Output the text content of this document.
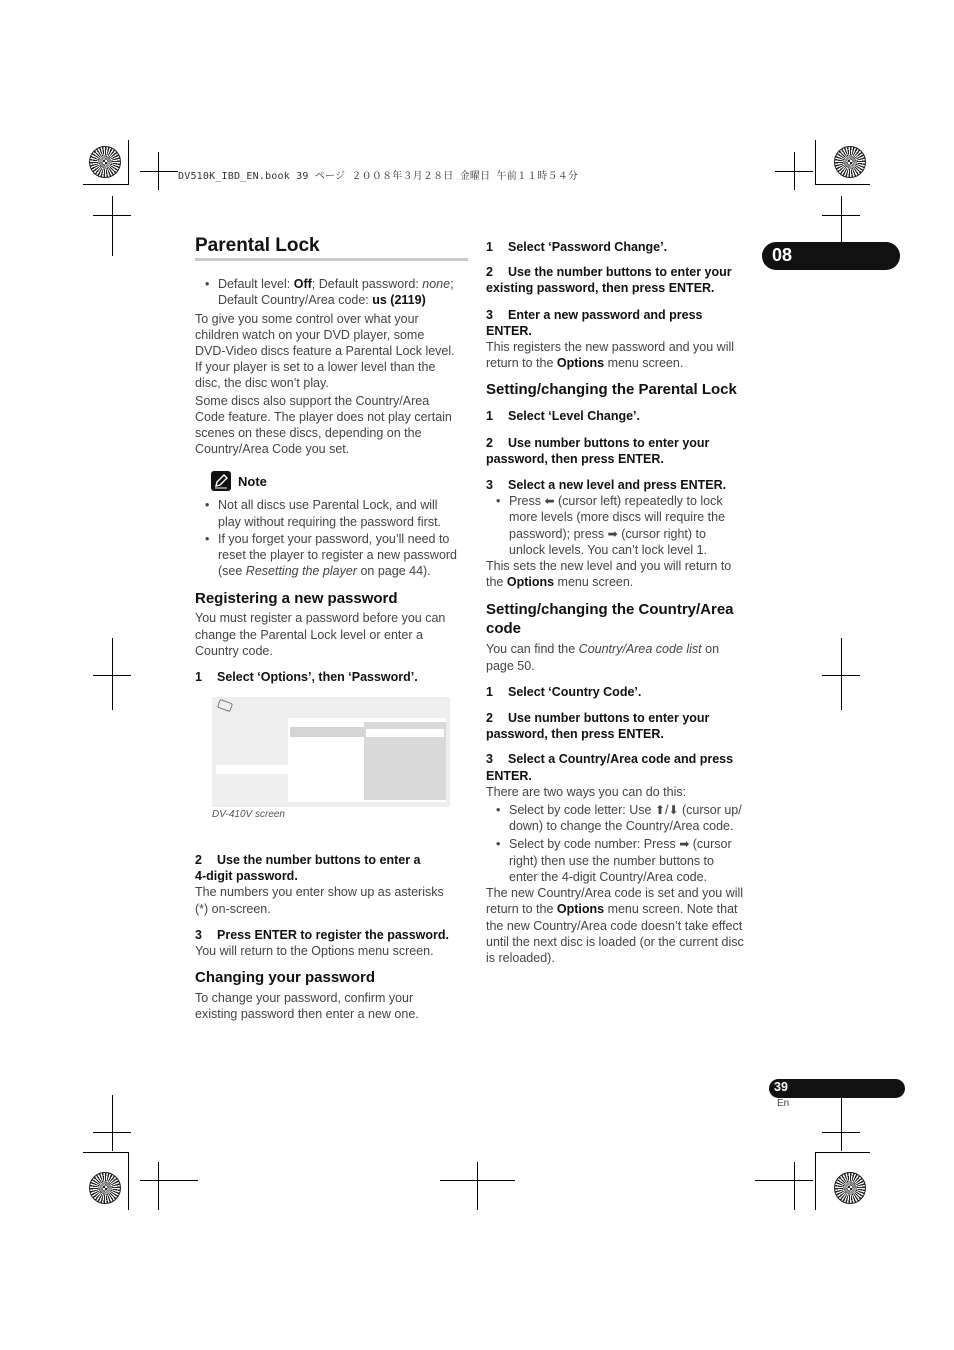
DV510K_IBD_EN.book 39 ページ ２００８年３月２８日 金曜日 午前１１時５４分
08
Parental Lock
• Default level: Off; Default password: none;
Default Country/Area code: us (2119)

To give you some control over what your
children watch on your DVD player, some
DVD-Video discs feature a Parental Lock level.
If your player is set to a lower level than the
disc, the disc won’t play.

Some discs also support the Country/Area
Code feature. The player does not play certain
scenes on these discs, depending on the
Country/Area Code you set.

Note
• Not all discs use Parental Lock, and will
play without requiring the password first.
• If you forget your password, you’ll need to
reset the player to register a new password
(see Resetting the player on page 44).
Registering a new password

You must register a password before you can
change the Parental Lock level or enter a
Country code.

1 Select ‘Options’, then ‘Password’.
DV-410V screen
2 Use the number buttons to enter a
4-digit password.

The numbers you enter show up as asterisks
(*) on-screen.

3 Press ENTER to register the password.

You will return to the Options menu screen.

Changing your password

To change your password, confirm your
existing password then enter a new one.

1 Select ‘Password Change’.
2 Use the number buttons to enter your
existing password, then press ENTER.
3 Enter a new password and press
ENTER.

This registers the new password and you will
return to the Options menu screen.

Setting/changing the Parental Lock
1 Select ‘Level Change’.
2 Use number buttons to enter your
password, then press ENTER.
3 Select a new level and press ENTER.
• Press ⬅ (cursor left) repeatedly to lock
more levels (more discs will require the
password); press ➡ (cursor right) to
unlock levels. You can’t lock level 1.

This sets the new level and you will return to
the Options menu screen.

Setting/changing the Country/Area
code

You can find the Country/Area code list on
page 50.

1 Select ‘Country Code’.
2 Use number buttons to enter your
password, then press ENTER.
3 Select a Country/Area code and press
ENTER.

There are two ways you can do this:

• Select by code letter: Use ⬆/⬇ (cursor up/
down) to change the Country/Area code.
• Select by code number: Press ➡ (cursor
right) then use the number buttons to
enter the 4-digit Country/Area code.

The new Country/Area code is set and you will
return to the Options menu screen. Note that
the new Country/Area code doesn’t take effect
until the next disc is loaded (or the current disc
is reloaded).

39
En
